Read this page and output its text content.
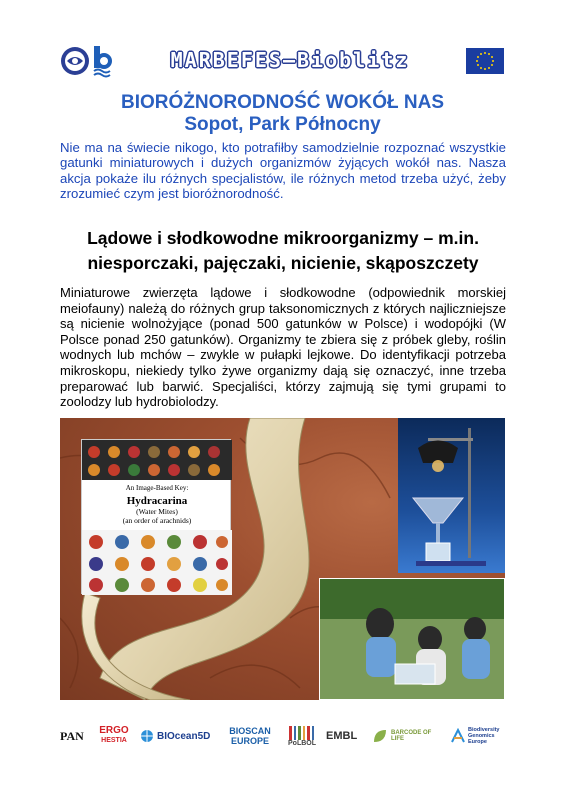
MARBEFES–Bioblitz
BIORÓŻNORODNOŚĆ WOKÓŁ NAS
Sopot, Park Północny
Nie ma na świecie nikogo, kto potrafiłby samodzielnie rozpoznać wszystkie gatunki miniaturowych i dużych organizmów żyjących wokół nas. Nasza akcja pokaże ilu różnych specjalistów, ile różnych metod trzeba użyć, żeby zrozumieć czym jest bioróżnorodność.
Lądowe i słodkowodne mikroorganizmy – m.in.
niesporczaki, pajęczaki, nicienie, skąposzczety
Miniaturowe zwierzęta lądowe i słodkowodne (odpowiednik morskiej meiofauny) należą do różnych grup taksonomicznych z których najliczniejsze są nicienie wolnożyjące (ponad 500 gatunków w Polsce) i wodopójki (W Polsce ponad 250 gatunków). Organizmy te zbiera się z próbek gleby, roślin wodnych lub mchów – zwykle w pułapki lejkowe. Do identyfikacji potrzeba mikroskopu, niekiedy tylko żywe organizmy dają się oznaczyć, inne trzeba preparować lub barwić. Specjaliści, którzy zajmują się tymi grupami to zoolodzy lub hydrobiolodzy.
An Image-Based Key:
Hydracarina
(Water Mites)
(an order of arachnids)
PAN ERGO
HESTIA	BIOcean5D BIOSCAN
EUROPE	PoLBOL
EMBL	BARCODE OF LIFE
Biodiversity Genomics Europe
